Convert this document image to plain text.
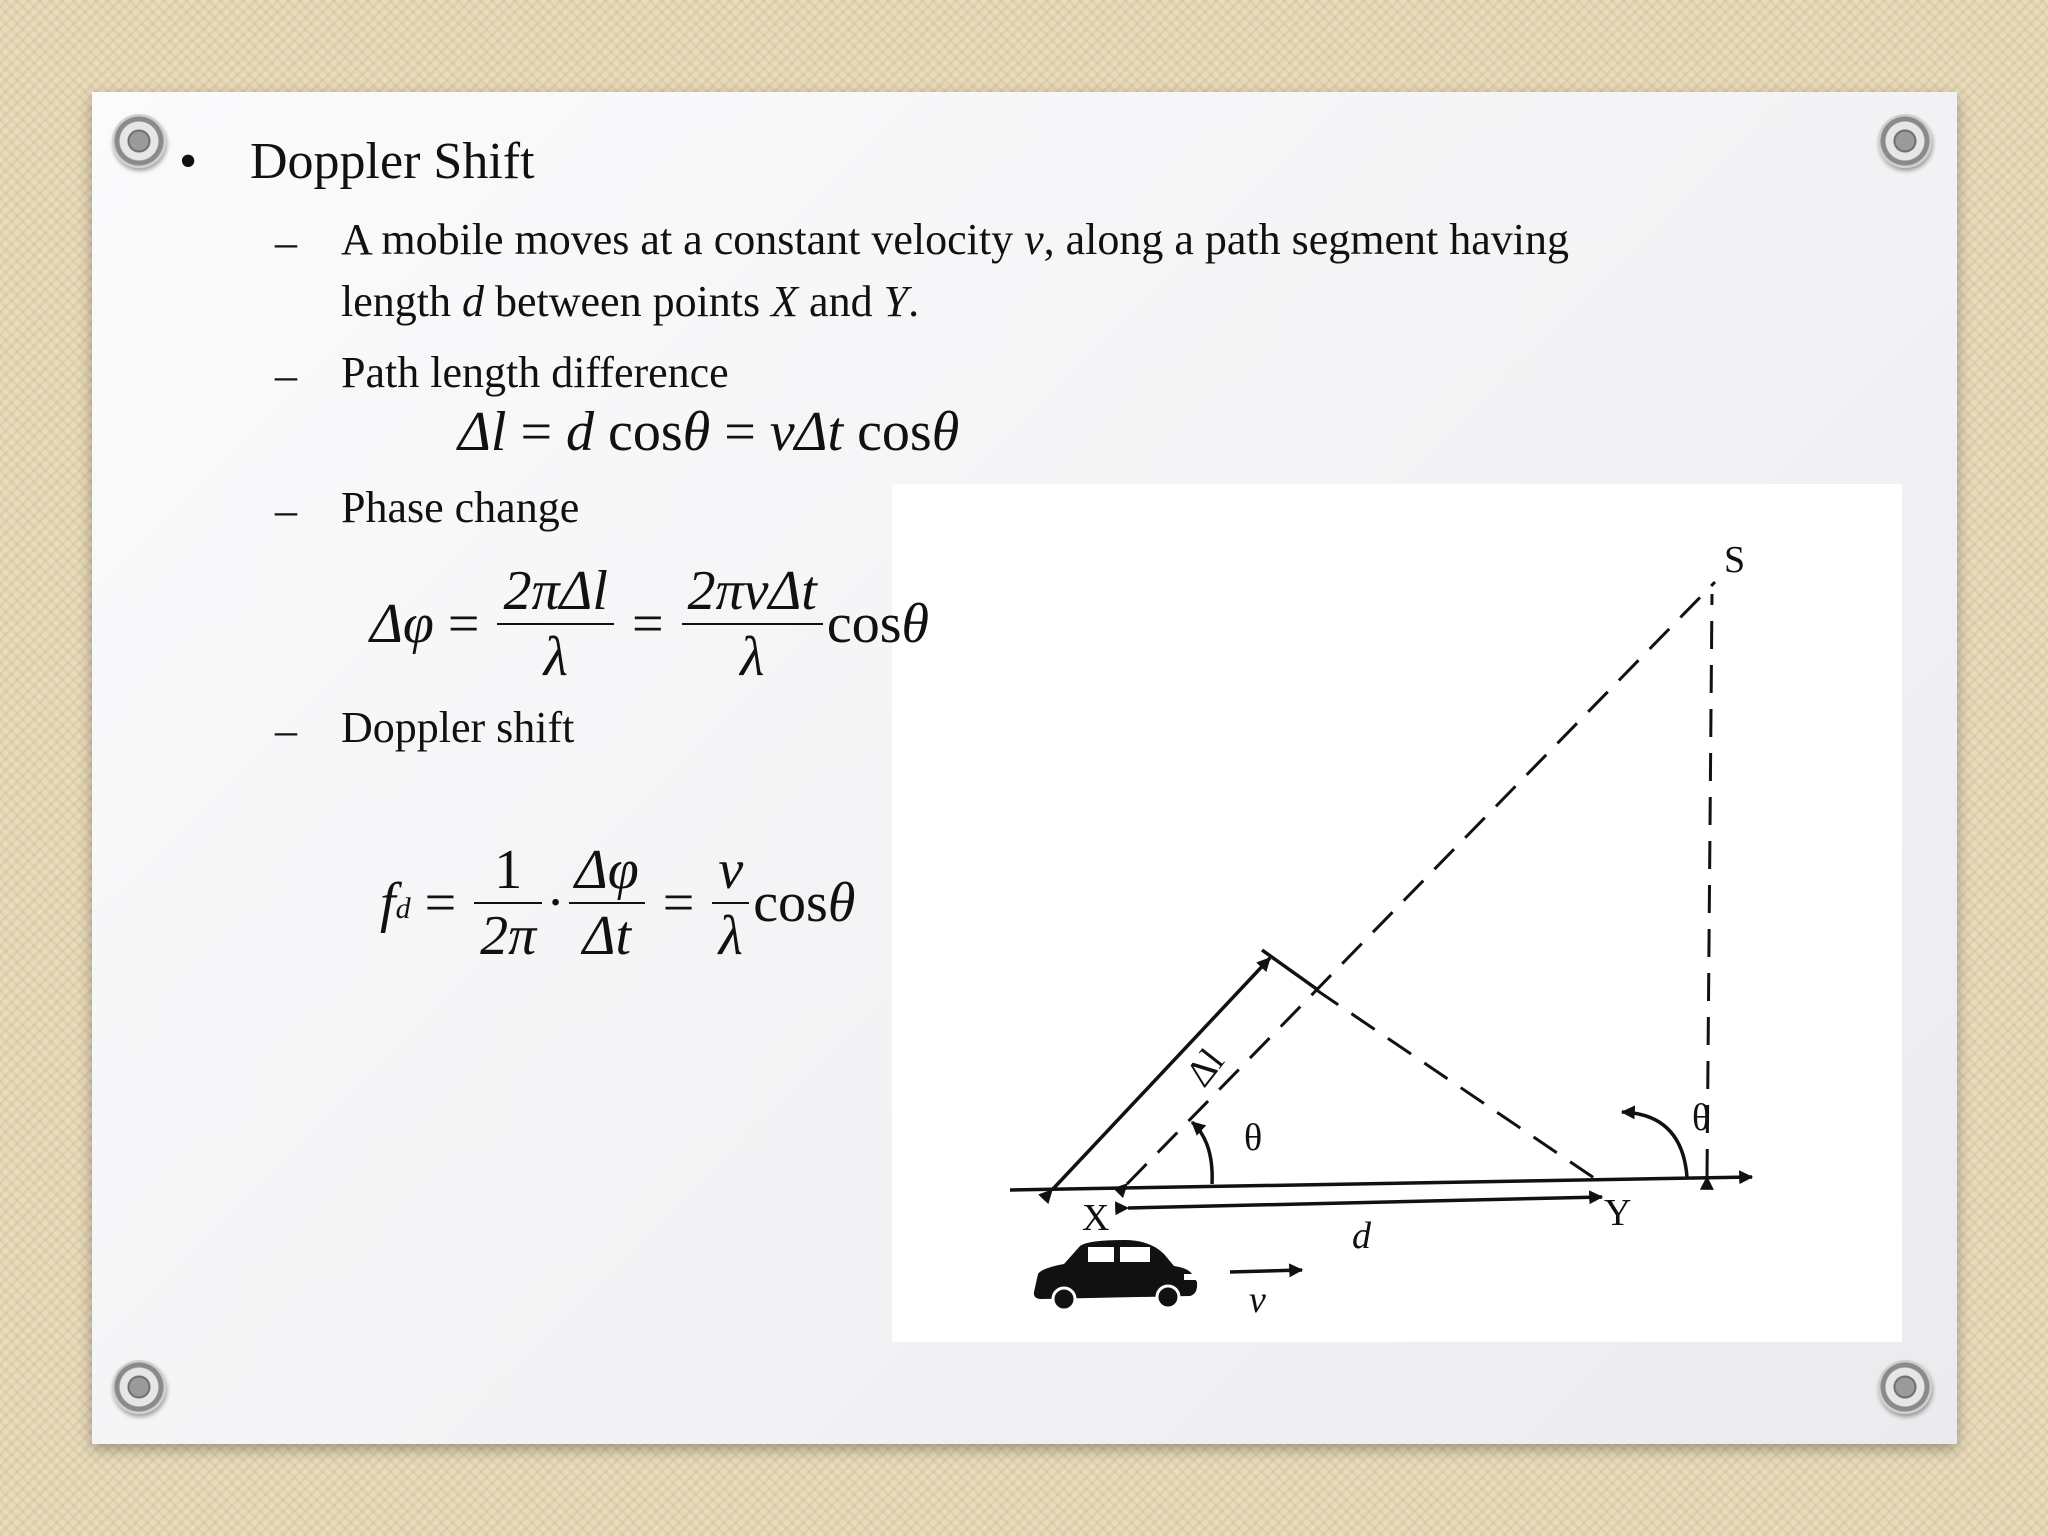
• Doppler Shift
– A mobile moves at a constant velocity v, along a path segment having
length d between points X and Y.
– Path length difference
– Phase change
– Doppler shift
S
X	Y
d
v
θ	θ
Δl
Δl = d cosθ = vΔt cosθ
$\Delta\varphi = \frac{\text{2πΔl}}{\lambda} = \frac{\text{2πvΔt}}{\lambda}$ cosθ
$f_d = \frac{1}{2\pi} \cdot \frac{\Delta\varphi}{\Delta t} = \frac{v}{\lambda}$ cosθ
